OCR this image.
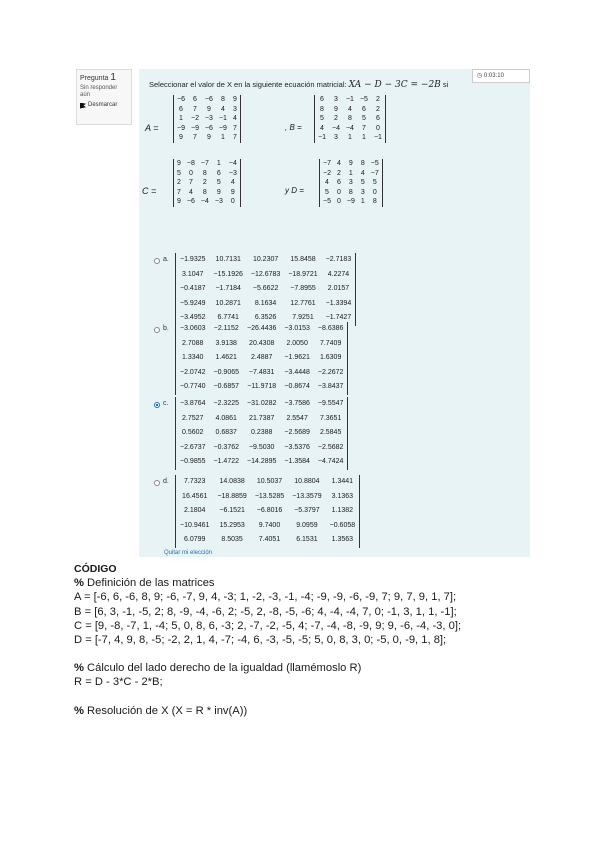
Pregunta 1
Sin responder aún
Desmarcar
◷ 0:03:10
Seleccionar el valor de X en la siguiente ecuación matricial: XA − D − 3C = −2B si
A =
−6	6	−6	8	9
6	7	9	4	3
1	−2	−3	−1	4
−9	−9	−6	−9	7
9	7	9	1	7
, B =
6	3	−1	−5	2
8	9	4	6	2
5	2	8	5	6
4	−4	−4	7	0
−1	3	1	1	−1
C =
9	−8	−7	1	−4
5	0	8	6	−3
2	7	2	5	4
7	4	8	9	9
9	−6	−4	−3	0
y D =
−7	4	9	8	−5
−2	2	1	4	−7
4	6	3	5	5
5	0	8	3	0
−5	0	−9	1	8
a. −1.9325	10.7131	10.2307	15.8458	−2.7183
3.1047	−15.1926	−12.6783	−18.9721	4.2274
−0.4187	−1.7184	−5.6622	−7.8955	2.0157
−5.9249	10.2871	8.1634	12.7761	−1.3394
−3.4952	6.7741	6.3526	7.9251	−1.7427
b. −3.0603	−2.1152	−26.4436	−3.0153	−8.6386
2.7088	3.9138	20.4308	2.0050	7.7409
1.3340	1.4621	2.4887	−1.9621	1.6309
−2.0742	−0.9065	−7.4831	−3.4448	−2.2672
−0.7740	−0.6857	−11.9718	−0.8674	−3.8437
c. −3.8764	−2.3225	−31.0282	−3.7586	−9.5547
2.7527	4.0861	21.7387	2.5547	7.3651
0.5602	0.6837	0.2388	−2.5689	2.5845
−2.6737	−0.3762	−9.5030	−3.5376	−2.5682
−0.9855	−1.4722	−14.2895	−1.3584	−4.7424
d. 7.7323	14.0838	10.5037	10.8804	1.3441
16.4561	−18.8859	−13.5285	−13.3579	3.1363
2.1804	−6.1521	−6.8016	−5.3797	1.1382
−10.9461	15.2953	9.7400	9.0959	−0.6058
6.0799	8.5035	7.4051	6.1531	1.3563
Quitar mi elección
CÓDIGO
% Definición de las matrices
A = [-6, 6, -6, 8, 9; -6, -7, 9, 4, -3; 1, -2, -3, -1, -4; -9, -9, -6, -9, 7; 9, 7, 9, 1, 7];
B = [6, 3, -1, -5, 2; 8, -9, -4, -6, 2; -5, 2, -8, -5, -6; 4, -4, -4, 7, 0; -1, 3, 1, 1, -1];
C = [9, -8, -7, 1, -4; 5, 0, 8, 6, -3; 2, -7, -2, -5, 4; -7, -4, -8, -9, 9; 9, -6, -4, -3, 0];
D = [-7, 4, 9, 8, -5; -2, 2, 1, 4, -7; -4, 6, -3, -5, -5; 5, 0, 8, 3, 0; -5, 0, -9, 1, 8];
% Cálculo del lado derecho de la igualdad (llamémoslo R)
R = D - 3*C - 2*B;
% Resolución de X (X = R * inv(A))
